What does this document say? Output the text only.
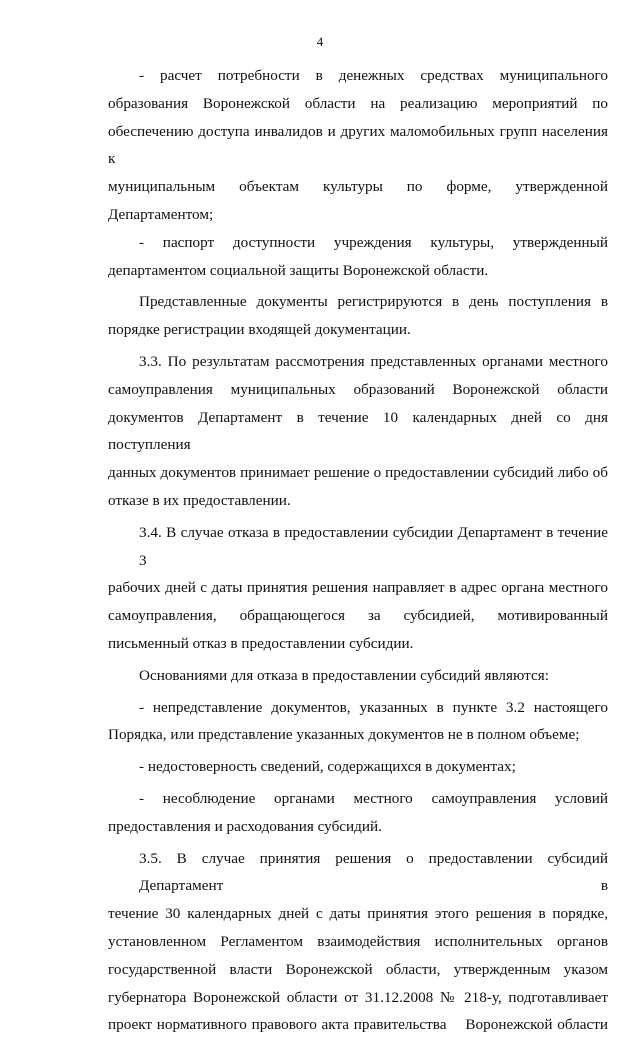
4
- расчет потребности в денежных средствах муниципального
образования Воронежской области на реализацию мероприятий по
обеспечению доступа инвалидов и других маломобильных групп населения к
муниципальным объектам культуры по форме, утвержденной
Департаментом;
- паспорт доступности учреждения культуры, утвержденный
департаментом социальной защиты Воронежской области.
Представленные документы регистрируются в день поступления в
порядке регистрации входящей документации.
3.3. По результатам рассмотрения представленных органами местного
самоуправления муниципальных образований Воронежской области
документов Департамент в течение 10 календарных дней со дня поступления
данных документов принимает решение о предоставлении субсидий либо об
отказе в их предоставлении.
3.4. В случае отказа в предоставлении субсидии Департамент в течение 3
рабочих дней с даты принятия решения направляет в адрес органа местного
самоуправления, обращающегося за субсидией, мотивированный
письменный отказ в предоставлении субсидии.
Основаниями для отказа в предоставлении субсидий являются:
- непредставление документов, указанных в пункте 3.2 настоящего
Порядка, или представление указанных документов не в полном объеме;
- недостоверность сведений, содержащихся в документах;
- несоблюдение органами местного самоуправления условий
предоставления и расходования субсидий.
3.5. В случае принятия решения о предоставлении субсидий Департамент в
течение 30 календарных дней с даты принятия этого решения в порядке,
установленном Регламентом взаимодействия исполнительных органов
государственной власти Воронежской области, утвержденным указом
губернатора Воронежской области от 31.12.2008 № 218-у, подготавливает
проект нормативного правового акта правительства    Воронежской области
